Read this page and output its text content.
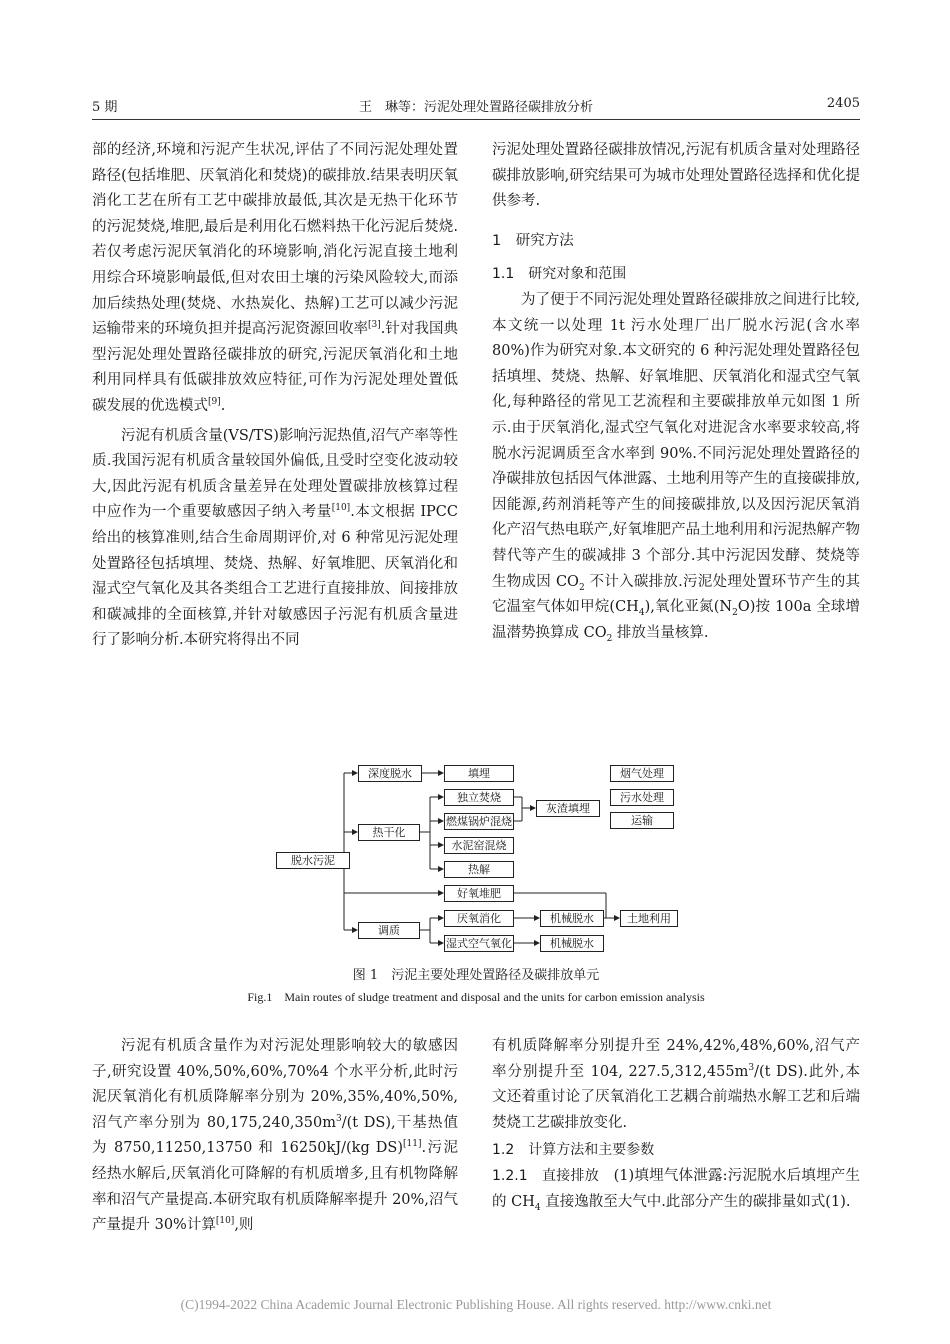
5 期	王　琳等：污泥处理处置路径碳排放分析	2405

部的经济,环境和污泥产生状况,评估了不同污泥处理处置路径(包括堆肥、厌氧消化和焚烧)的碳排放.结果表明厌氧消化工艺在所有工艺中碳排放最低,其次是无热干化环节的污泥焚烧,堆肥,最后是利用化石燃料热干化污泥后焚烧.若仅考虑污泥厌氧消化的环境影响,消化污泥直接土地利用综合环境影响最低,但对农田土壤的污染风险较大,而添加后续热处理(焚烧、水热炭化、热解)工艺可以减少污泥运输带来的环境负担并提高污泥资源回收率[3].针对我国典型污泥处理处置路径碳排放的研究,污泥厌氧消化和土地利用同样具有低碳排放效应特征,可作为污泥处理处置低碳发展的优选模式[9].

污泥有机质含量(VS/TS)影响污泥热值,沼气产率等性质.我国污泥有机质含量较国外偏低,且受时空变化波动较大,因此污泥有机质含量差异在处理处置碳排放核算过程中应作为一个重要敏感因子纳入考量[10].本文根据 IPCC 给出的核算准则,结合生命周期评价,对 6 种常见污泥处理处置路径包括填埋、焚烧、热解、好氧堆肥、厌氧消化和湿式空气氧化及其各类组合工艺进行直接排放、间接排放和碳减排的全面核算,并针对敏感因子污泥有机质含量进行了影响分析.本研究将得出不同

污泥处理处置路径碳排放情况,污泥有机质含量对处理路径碳排放影响,研究结果可为城市处理处置路径选择和优化提供参考.

1　研究方法

1.1　研究对象和范围

为了便于不同污泥处理处置路径碳排放之间进行比较,本文统一以处理 1t 污水处理厂出厂脱水污泥(含水率 80%)作为研究对象.本文研究的 6 种污泥处理处置路径包括填埋、焚烧、热解、好氧堆肥、厌氧消化和湿式空气氧化,每种路径的常见工艺流程和主要碳排放单元如图 1 所示.由于厌氧消化,湿式空气氧化对进泥含水率要求较高,将脱水污泥调质至含水率到 90%.不同污泥处理处置路径的净碳排放包括因气体泄露、土地利用等产生的直接碳排放,因能源,药剂消耗等产生的间接碳排放,以及因污泥厌氧消化产沼气热电联产,好氧堆肥产品土地利用和污泥热解产物替代等产生的碳减排 3 个部分.其中污泥因发酵、焚烧等生物成因 $CO_2$ 不计入碳排放.污泥处理处置环节产生的其它温室气体如甲烷$(CH_4)$,氧化亚氮$(N_2O)$按 100a 全球增温潜势换算成 $CO_2$ 排放当量核算.

脱水污泥
深度脱水	填埋
热干化
独立焚烧
燃煤锅炉混烧
水泥窑混烧
热解
灰渣填埋
烟气处理
污水处理
运输
好氧堆肥
调质
厌氧消化
湿式空气氧化
机械脱水
机械脱水
土地利用
图 1　污泥主要处理处置路径及碳排放单元
Fig.1　Main routes of sludge treatment and disposal and the units for carbon emission analysis

污泥有机质含量作为对污泥处理影响较大的敏感因子,研究设置 40%,50%,60%,70%4 个水平分析,此时污泥厌氧消化有机质降解率分别为 20%,35%,40%,50%,沼气产率分别为 $80,175,240,350m^3/(t$ DS),干基热值为 8750,11250,13750 和 16250kJ/(kg DS)[11].污泥经热水解后,厌氧消化可降解的有机质增多,且有机物降解率和沼气产量提高.本研究取有机质降解率提升 20%,沼气产量提升 30%计算[10],则

有机质降解率分别提升至 24%,42%,48%,60%,沼气产率分别提升至 104, $227.5,312,455m^3/(t$ DS).此外,本文还着重讨论了厌氧消化工艺耦合前端热水解工艺和后端焚烧工艺碳排放变化.

1.2　计算方法和主要参数

1.2.1　直接排放　(1)填埋气体泄露:污泥脱水后填埋产生的 $CH_4$ 直接逸散至大气中.此部分产生的碳排量如式(1).

(C)1994-2022 China Academic Journal Electronic Publishing House. All rights reserved. http://www.cnki.net
